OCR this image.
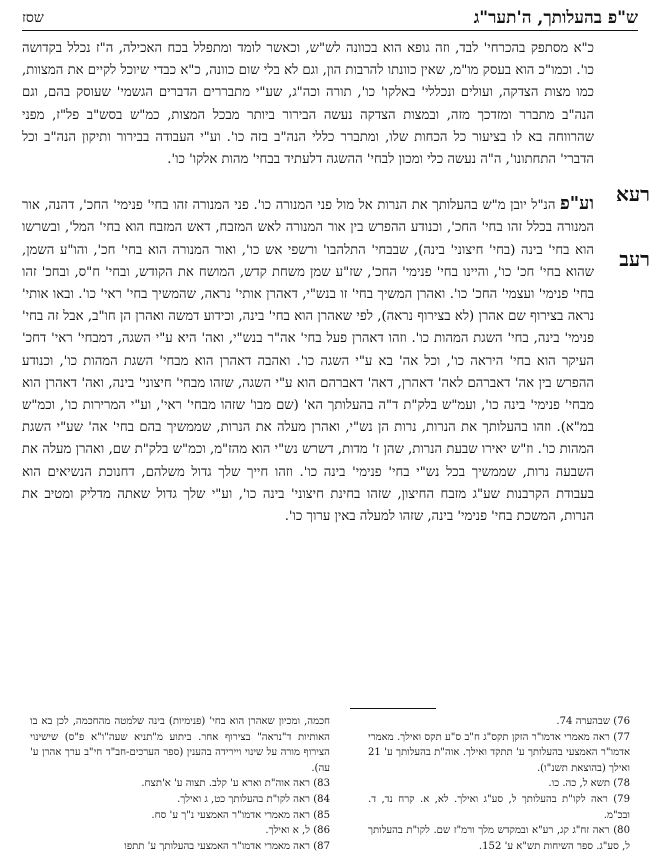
ש"פ בהעלותך, ה'תער"ג
שסז
רעא
רעב

כ"א מסתפק בהכרחי' לבד, וזה גופא הוא בכוונה לש"ש, וכאשר לומד ומתפלל בכח האכילה, ה"ז נכלל בקדושה כו'. וכמו"כ הוא בעסק מו"מ, שאין כוונתו להרבות הון, וגם לא בלי שום כוונה, כ"א כבדי שיוכל לקיים את המצוות, כמו מצות הצדקה, ועולים ונכללי' באלקו' כו', תורה וכה"ג, שע"י מתבררים הדברים הגשמי' שעוסק בהם, וגם הנה"ב מתברר ומזדכך מזה, ובמצות הצדקה נעשה הבירור ביותר מבכל המצות, כמ"ש בסש"ב פל"ז, מפני שהרווחה בא לו בציעור כל הכחות שלו, ומתברר כללי הנה"ב בזה כו'. וע"י העבודה בבירור ותיקון הנה"ב וכל הדברי' התחתונו', ה"ה נעשה כלי ומכון לבחי' ההשגה דלעתיד בבחי' מהות אלקו' כו'.

וע"פ הנ"ל יובן מ"ש בהעלותך את הנרות אל מול פני המנורה כו'. פני המנורה זהו בחי' פנימי' החכ', דהנה, אור המנורה בכלל זהו בחי' החכ', וכנודע ההפרש בין אור המנורה לאש המזבח, דאש המזבח הוא בחי' המל', ובשרשו הוא בחי' בינה (בחי' חיצוני' בינה), שבבחי' התלהבו' ורשפי אש כו', ואור המנורה הוא בחי' חכ', והו"ע השמן, שהוא בחי' חכ' כו', והיינו בחי' פנימי' החכ', שז"ע שמן משחת קדש, המושח את הקודש, ובחי' ח"ס, ובחכ' זהו בחי' פנימי' ועצמי' החכ' כו'. ואהרן המשיך בחי' זו בנש"י, דאהרן אותי' נראה, שהמשיך בחי' ראי' כו'. ובאו אותי' נראה בצירוף שם אהרן (לא בצירוף נראה), לפי שאהרן הוא בחי' בינה, וכידוע דמשה ואהרן הן חו"ב, אבל זה בחי' פנימי' בינה, בחי' השגת המהות כו'. וזהו דאהרן פעל בחי' אה"ר בנש"י, ואה' היא ע"י השגה, דמבחי' ראי' דחכ' העיקר הוא בחי' היראה כו', וכל אה' בא ע"י השגה כו'. ואהבה דאהרן הוא מבחי' השגת המהות כו', וכנודע ההפרש בין אה' דאברהם לאה' דאהרן, דאה' דאברהם הוא ע"י השגה, שזהו מבחי' חיצוני' בינה, ואה' דאהרן הוא מבחי' פנימי' בינה כו', ועמ"ש בלק"ת ד"ה בהעלותך הא' (שם מבו' שזהו מבחי' ראי', וע"י המרירות כו', וכמ"ש במ"א). וזהו בהעלותך את הנרות, נרות הן נש"י, ואהרן מעלה את הנרות, שממשיך בהם בחי' אה' שע"י השגת המהות כו'. וז"ש יאירו שבעת הנרות, שהן ז' מדות, דשרש נש"י הוא מהז"מ, וכמ"ש בלק"ת שם, ואהרן מעלה את השבעה נרות, שממשיך בכל נש"י בחי' פנימי' בינה כו'. וזהו חייך שלך גדול משלהם, דחנוכת הנשיאים הוא בעבודת הקרבנות שע"ג מזבח החיצון, שזהו בחינת חיצוני' בינה כו', וע"י שלך גדול שאתה מדליק ומטיב את הנרות, המשכת בחי' פנימי' בינה, שזהו למעלה באין ערוך כו'.

76) שבהערה 74.

77) ראה מאמרי אדמו"ר הזקן תקס"ג ח"ב ס"ע תקס ואילך. מאמרי אדמו"ר האמצעי בהעלותך ע' תתקד ואילך. אוה"ת בהעלותך ע' 21 ואילך (בהוצאת תשנ"ו).

78) תשא ל, כה. כו.

79) ראה לקו"ת בהעלותך ל, סע"ג ואילך. לא, א. קרח נד, ד. ובכ"מ.

80) ראה זח"ג קג, רע"א ובמקדש מלך ורמ"ז שם. לקו"ת בהעלותך ל, סע"ג. ספר השיחות תש"א ע' 152.

חכמה, ומכיון שאהרן הוא בחי' (פנימיות) בינה שלמטה מהחכמה, לכן בא בו האותיות ד"נראה" בצירוף אחר. ביתוע מ"תניא שעה"ו"א פ"ס) שישינוי הצירוף מורה על שינוי ויירידה בהענין (ספר הערכים-חב"ד חי"ב ערך אהרן ע' עה).

83) ראה אוה"ת וארא ע' קלב. תצוה ע' א'תצח.

84) ראה לקו"ת בהעלותך כט, ג ואילך.

85) ראה מאמרי אדמו"ר האמצעי נ"ך ע' סח.

86) ל, א ואילך.

87) ראה מאמרי אדמו"ר האמצעי בהעלותך ע' תתפו
